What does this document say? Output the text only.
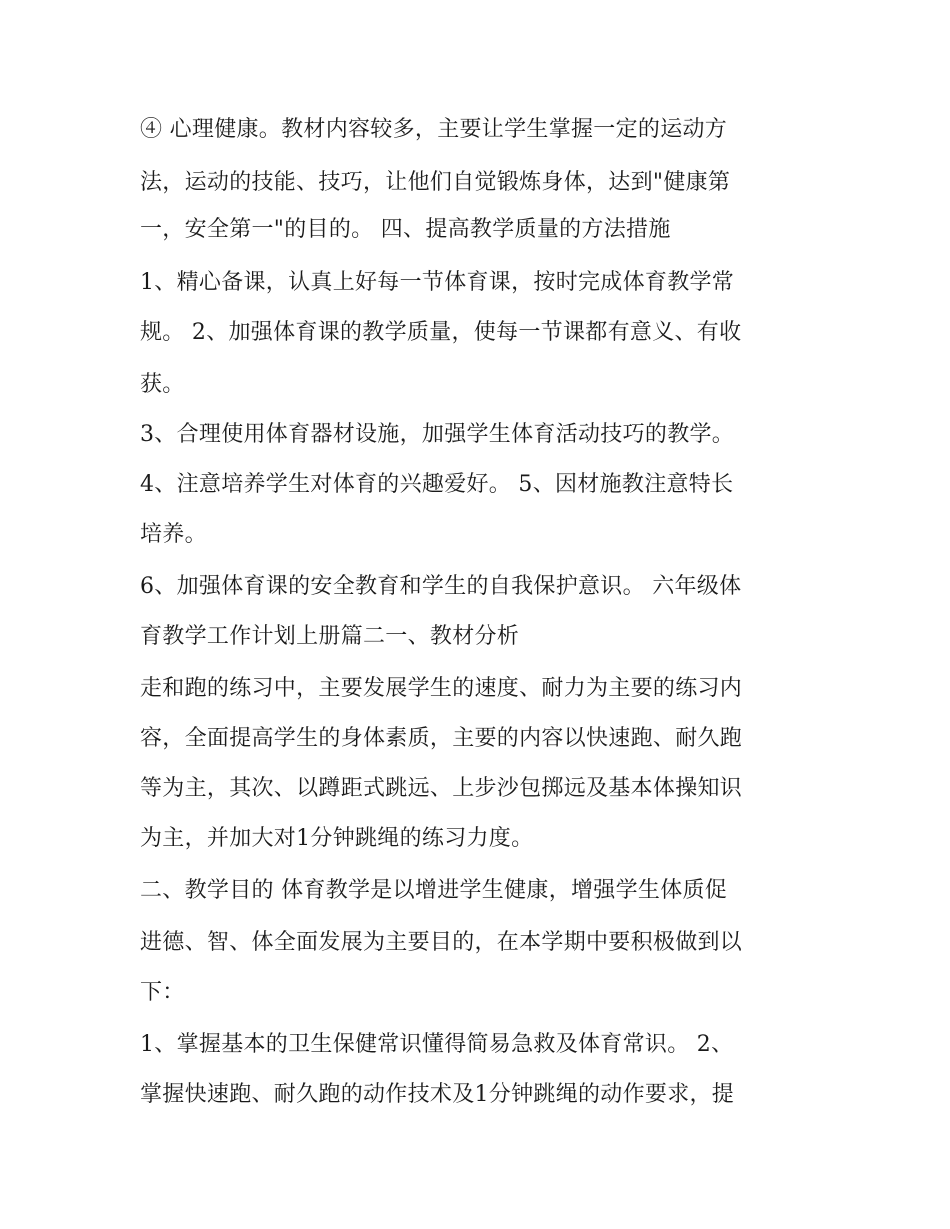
④ 心理健康。教材内容较多，主要让学生掌握一定的运动方
法，运动的技能、技巧，让他们自觉锻炼身体，达到"健康第
一，安全第一"的目的。 四、提高教学质量的方法措施
1、精心备课，认真上好每一节体育课，按时完成体育教学常
规。 2、加强体育课的教学质量，使每一节课都有意义、有收
获。
3、合理使用体育器材设施，加强学生体育活动技巧的教学。
4、注意培养学生对体育的兴趣爱好。 5、因材施教注意特长
培养。
6、加强体育课的安全教育和学生的自我保护意识。 六年级体
育教学工作计划上册篇二一、教材分析
走和跑的练习中，主要发展学生的速度、耐力为主要的练习内
容，全面提高学生的身体素质，主要的内容以快速跑、耐久跑
等为主，其次、以蹲距式跳远、上步沙包掷远及基本体操知识
为主，并加大对1分钟跳绳的练习力度。
二、教学目的 体育教学是以增进学生健康，增强学生体质促
进德、智、体全面发展为主要目的，在本学期中要积极做到以
下：
1、掌握基本的卫生保健常识懂得简易急救及体育常识。 2、
掌握快速跑、耐久跑的动作技术及1分钟跳绳的动作要求，提
